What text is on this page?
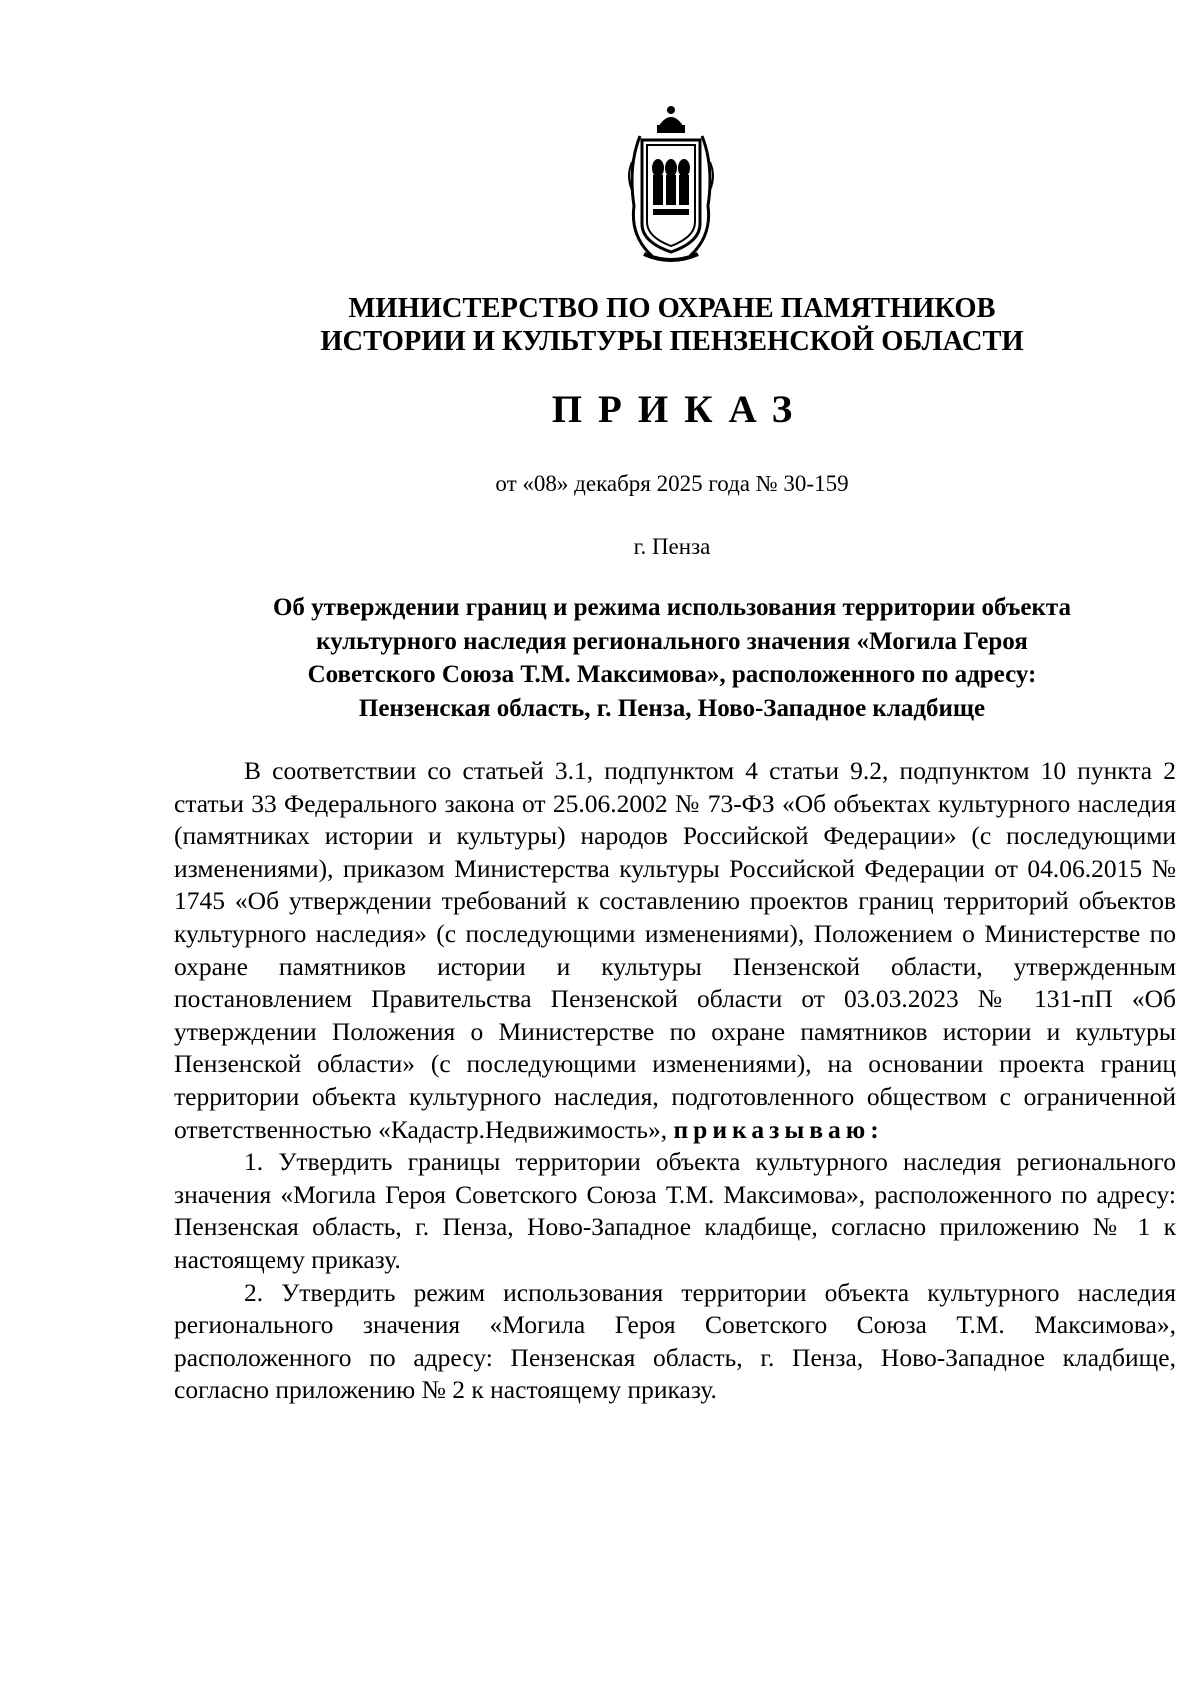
МИНИСТЕРСТВО ПО ОХРАНЕ ПАМЯТНИКОВ
ИСТОРИИ И КУЛЬТУРЫ ПЕНЗЕНСКОЙ ОБЛАСТИ
ПРИКАЗ
от «08» декабря 2025 года № 30-159
г. Пенза
Об утверждении границ и режима использования территории объекта
культурного наследия регионального значения «Могила Героя
Советского Союза Т.М. Максимова», расположенного по адресу:
Пензенская область, г. Пенза, Ново-Западное кладбище

В соответствии со статьей 3.1, подпунктом 4 статьи 9.2, подпунктом 10 пункта 2 статьи 33 Федерального закона от 25.06.2002 № 73-ФЗ «Об объектах культурного наследия (памятниках истории и культуры) народов Российской Федерации» (с последующими изменениями), приказом Министерства культуры Российской Федерации от 04.06.2015 № 1745 «Об утверждении требований к составлению проектов границ территорий объектов культурного наследия» (с последующими изменениями), Положением о Министерстве по охране памятников истории и культуры Пензенской области, утвержденным постановлением Правительства Пензенской области от 03.03.2023 № 131-пП «Об утверждении Положения о Министерстве по охране памятников истории и культуры Пензенской области» (с последующими изменениями), на основании проекта границ территории объекта культурного наследия, подготовленного обществом с ограниченной ответственностью «Кадастр.Недвижимость», приказываю:

1. Утвердить границы территории объекта культурного наследия регионального значения «Могила Героя Советского Союза Т.М. Максимова», расположенного по адресу: Пензенская область, г. Пенза, Ново-Западное кладбище, согласно приложению № 1 к настоящему приказу.

2. Утвердить режим использования территории объекта культурного наследия регионального значения «Могила Героя Советского Союза Т.М. Максимова», расположенного по адресу: Пензенская область, г. Пенза, Ново-Западное кладбище, согласно приложению № 2 к настоящему приказу.
